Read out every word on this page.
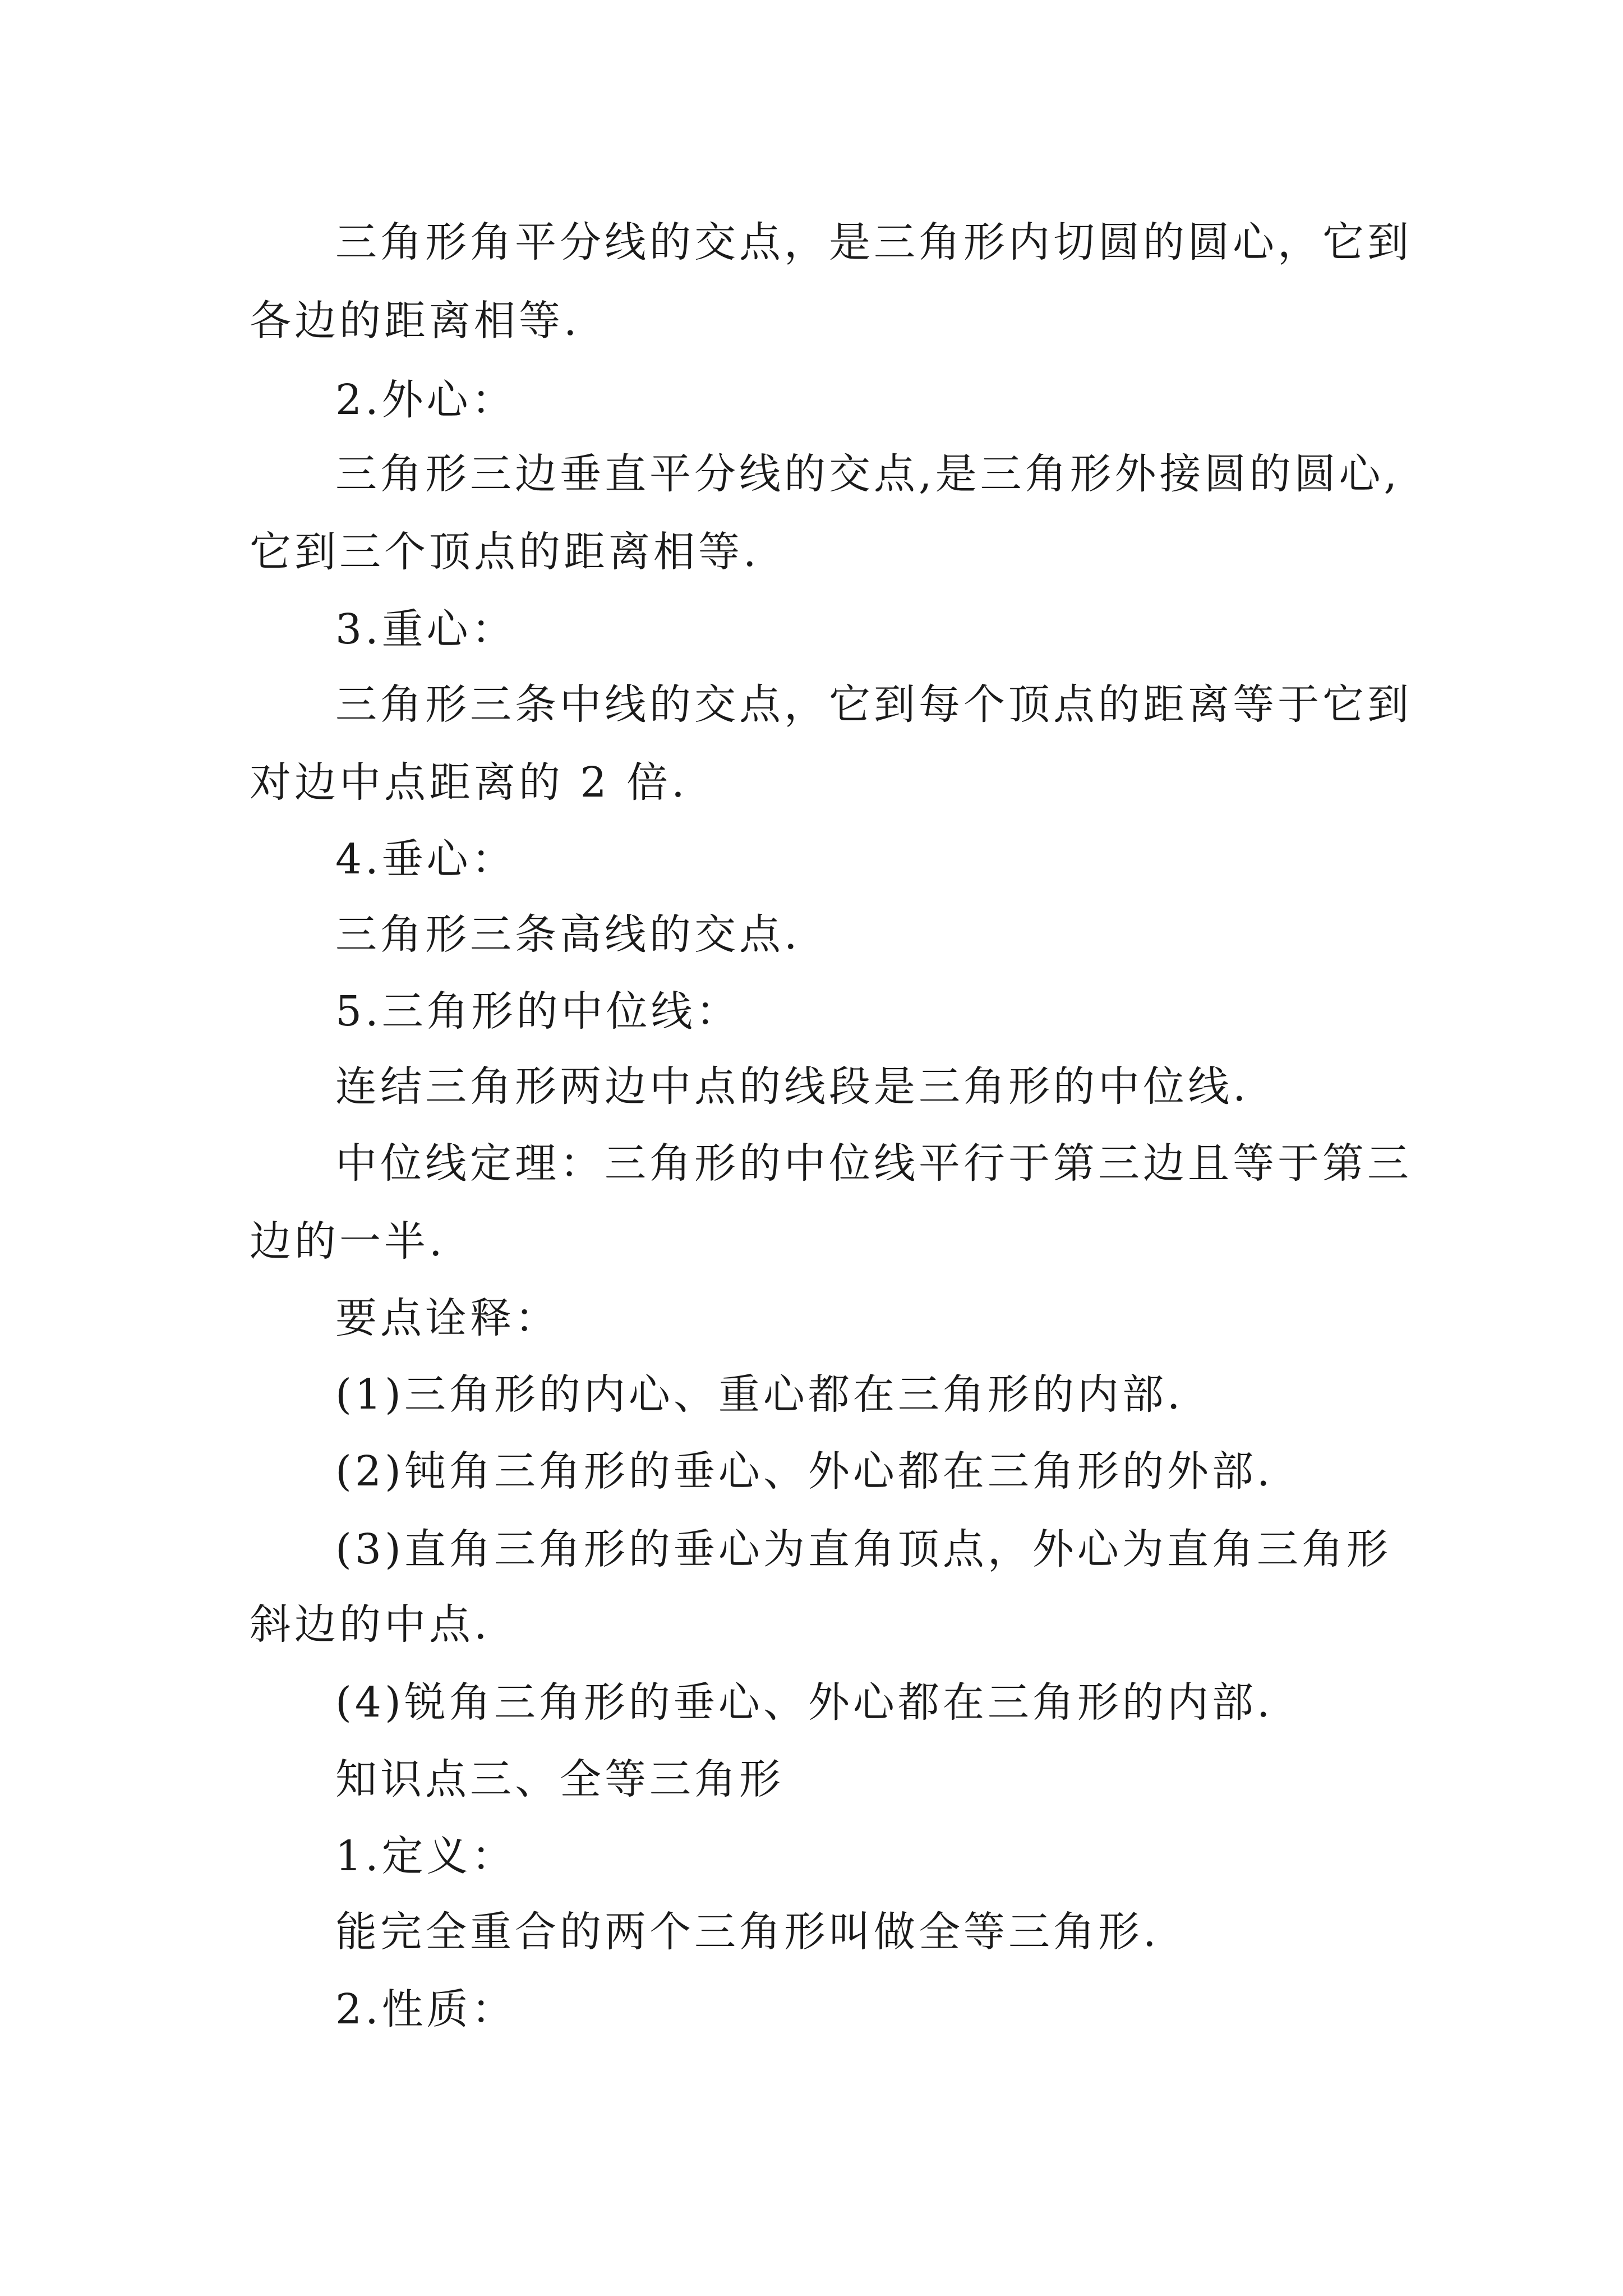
三角形角平分线的交点，是三角形内切圆的圆心，它到
各边的距离相等.
2.外心：
三角形三边垂直平分线的交点,是三角形外接圆的圆心,
它到三个顶点的距离相等.
3.重心：
三角形三条中线的交点，它到每个顶点的距离等于它到
对边中点距离的 2 倍.
4.垂心：
三角形三条高线的交点.
5.三角形的中位线：
连结三角形两边中点的线段是三角形的中位线.
中位线定理：三角形的中位线平行于第三边且等于第三
边的一半.
要点诠释：
(1)三角形的内心、重心都在三角形的内部.
(2)钝角三角形的垂心、外心都在三角形的外部.
(3)直角三角形的垂心为直角顶点，外心为直角三角形
斜边的中点.
(4)锐角三角形的垂心、外心都在三角形的内部.
知识点三、全等三角形
1.定义：
能完全重合的两个三角形叫做全等三角形.
2.性质：
